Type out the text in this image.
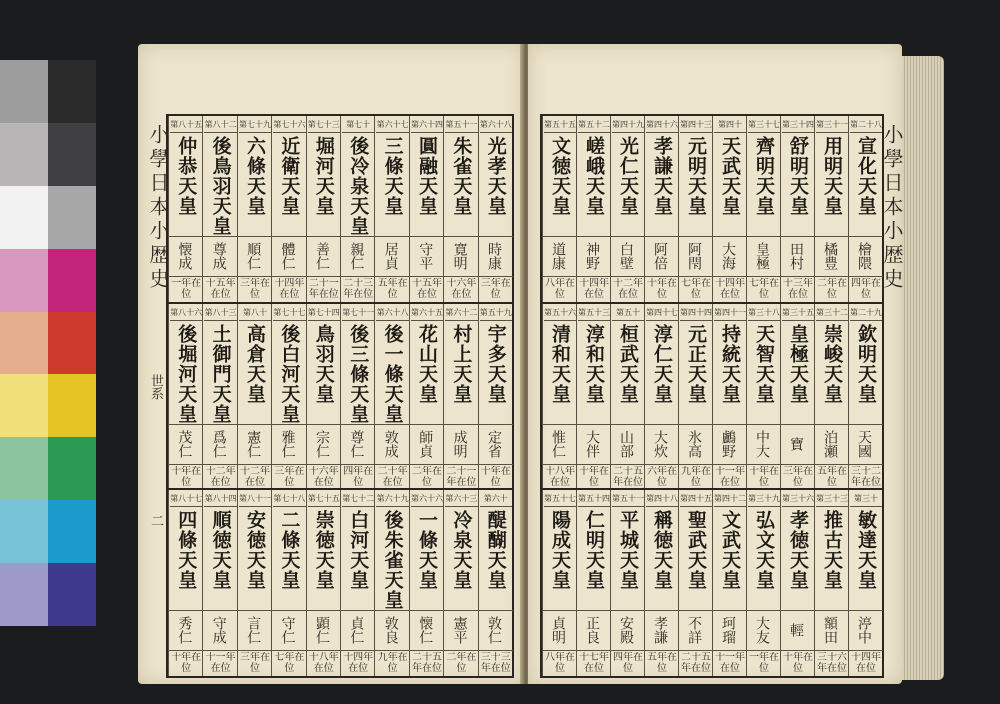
小學日本小歴史
世系
二
第六十八
光孝天皇
時康
三年在位
第五十一
朱雀天皇
寛明
十六年在位
第六十四
圓融天皇
守平
十五年在位
第六十七
三條天皇
居貞
五年在位
第七十
後冷泉天皇
親仁
二十三年在位
第七十三
堀河天皇
善仁
二十一年在位
第七十六
近衛天皇
體仁
十四年在位
第七十九
六條天皇
順仁
三年在位
第八十二
後鳥羽天皇
尊成
十五年在位
第八十五
仲恭天皇
懐成
一年在位
第五十九
宇多天皇
定省
十年在位
第六十二
村上天皇
成明
二十一年在位
第六十五
花山天皇
師貞
二年在位
第六十八
後一條天皇
敦成
二十年在位
第七十一
後三條天皇
尊仁
四年在位
第七十四
鳥羽天皇
宗仁
十六年在位
第七十七
後白河天皇
雅仁
三年在位
第八十
高倉天皇
憲仁
十二年在位
第八十三
土御門天皇
爲仁
十二年在位
第八十六
後堀河天皇
茂仁
十年在位
第六十
醍醐天皇
敦仁
三十三年在位
第六十三
冷泉天皇
憲平
二年在位
第六十六
一條天皇
懐仁
二十五年在位
第六十九
後朱雀天皇
敦良
九年在位
第七十二
白河天皇
貞仁
十四年在位
第七十五
崇徳天皇
顕仁
十八年在位
第七十八
二條天皇
守仁
七年在位
第八十一
安徳天皇
言仁
三年在位
第八十四
順徳天皇
守成
十一年在位
第八十七
四條天皇
秀仁
十年在位
小學日本小歴史
第二十八
宣化天皇
檜隈
四年在位
第三十一
用明天皇
橘豊
二年在位
第三十四
舒明天皇
田村
十三年在位
第三十七
齊明天皇
皇極
七年在位
第四十
天武天皇
大海
十四年在位
第四十三
元明天皇
阿閇
七年在位
第四十六
孝謙天皇
阿倍
十年在位
第四十九
光仁天皇
白壁
十二年在位
第五十二
嵯峨天皇
神野
十四年在位
第五十五
文徳天皇
道康
八年在位
第二十九
欽明天皇
天國
三十二年在位
第三十二
崇峻天皇
泊瀬
五年在位
第三十五
皇極天皇
寶
三年在位
第三十八
天智天皇
中大
十年在位
第四十一
持統天皇
鸕野
十一年在位
第四十四
元正天皇
氷高
九年在位
第四十七
淳仁天皇
大炊
六年在位
第五十
桓武天皇
山部
二十五年在位
第五十三
淳和天皇
大伴
十年在位
第五十六
清和天皇
惟仁
十八年在位
第三十
敏達天皇
渟中
十四年在位
第三十三
推古天皇
額田
三十六年在位
第三十六
孝徳天皇
輕
十年在位
第三十九
弘文天皇
大友
一年在位
第四十二
文武天皇
珂瑠
十一年在位
第四十五
聖武天皇
不詳
二十五年在位
第四十八
稱徳天皇
孝謙
五年在位
第五十一
平城天皇
安殿
四年在位
第五十四
仁明天皇
正良
十七年在位
第五十七
陽成天皇
貞明
八年在位
